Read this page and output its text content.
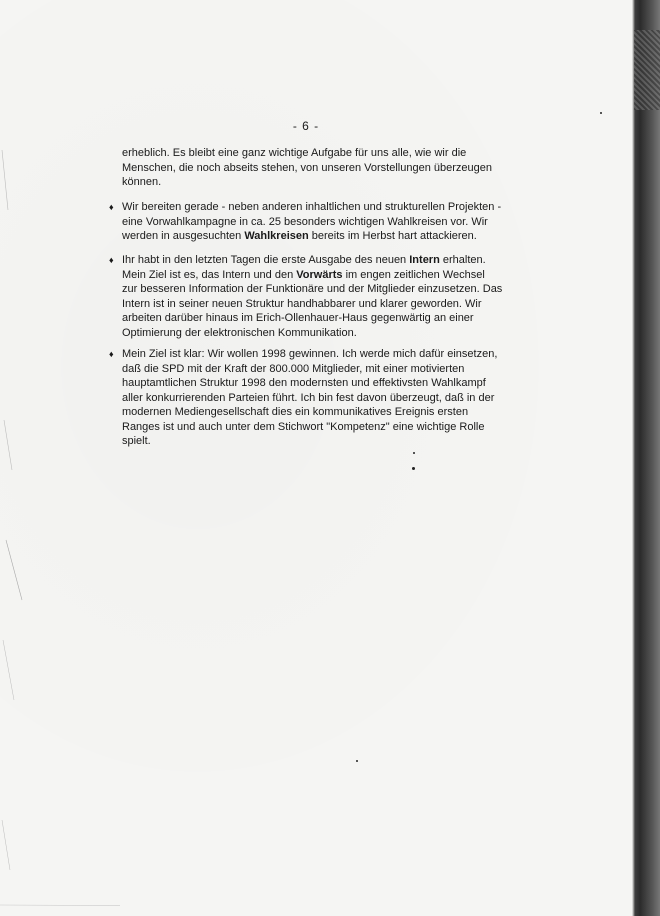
- 6 -
erheblich. Es bleibt eine ganz wichtige Aufgabe für uns alle, wie wir die
Menschen, die noch abseits stehen, von unseren Vorstellungen überzeugen
können.
♦ Wir bereiten gerade - neben anderen inhaltlichen und strukturellen Projekten -
eine Vorwahlkampagne in ca. 25 besonders wichtigen Wahlkreisen vor. Wir
werden in ausgesuchten Wahlkreisen bereits im Herbst hart attackieren.
♦ Ihr habt in den letzten Tagen die erste Ausgabe des neuen Intern erhalten.
Mein Ziel ist es, das Intern und den Vorwärts im engen zeitlichen Wechsel
zur besseren Information der Funktionäre und der Mitglieder einzusetzen. Das
Intern ist in seiner neuen Struktur handhabbarer und klarer geworden. Wir
arbeiten darüber hinaus im Erich-Ollenhauer-Haus gegenwärtig an einer
Optimierung der elektronischen Kommunikation.
♦ Mein Ziel ist klar: Wir wollen 1998 gewinnen. Ich werde mich dafür einsetzen,
daß die SPD mit der Kraft der 800.000 Mitglieder, mit einer motivierten
hauptamtlichen Struktur 1998 den modernsten und effektivsten Wahlkampf
aller konkurrierenden Parteien führt. Ich bin fest davon überzeugt, daß in der
modernen Mediengesellschaft dies ein kommunikatives Ereignis ersten
Ranges ist und auch unter dem Stichwort "Kompetenz" eine wichtige Rolle
spielt.
